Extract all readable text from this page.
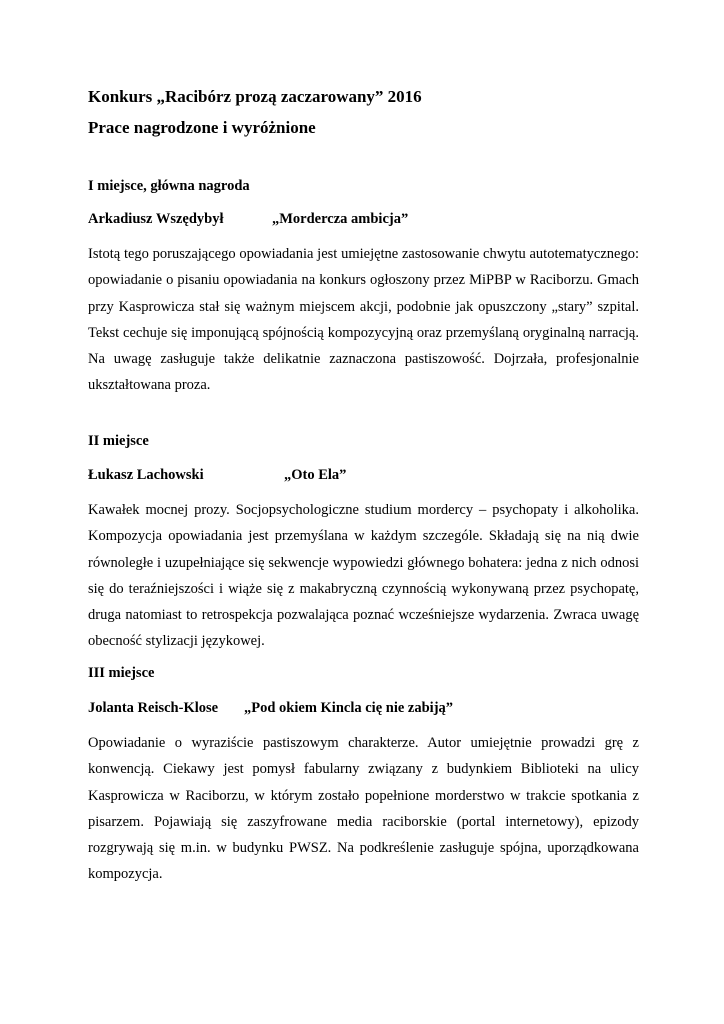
Konkurs „Racibórz prozą zaczarowany” 2016
Prace nagrodzone i wyróżnione
I miejsce, główna nagroda
Arkadiusz Wszędybył	„Mordercza ambicja”
Istotą tego poruszającego opowiadania jest umiejętne zastosowanie chwytu autotematycznego: opowiadanie o pisaniu opowiadania na konkurs ogłoszony przez MiPBP w Raciborzu. Gmach przy Kasprowicza stał się ważnym miejscem akcji, podobnie jak opuszczony „stary” szpital. Tekst cechuje się imponującą spójnością kompozycyjną oraz przemyślaną oryginalną narracją. Na uwagę zasługuje także delikatnie zaznaczona pastiszowość. Dojrzała, profesjonalnie ukształtowana proza.
II miejsce
Łukasz Lachowski	„Oto Ela”
Kawałek mocnej prozy. Socjopsychologiczne studium mordercy – psychopaty i alkoholika. Kompozycja opowiadania jest przemyślana w każdym szczególe. Składają się na nią dwie równoległe i uzupełniające się sekwencje wypowiedzi głównego bohatera: jedna z nich odnosi się do teraźniejszości i wiąże się z makabryczną czynnością wykonywaną przez psychopatę, druga natomiast to retrospekcja pozwalająca poznać wcześniejsze wydarzenia. Zwraca uwagę obecność stylizacji językowej.
III miejsce
Jolanta Reisch-Klose „Pod okiem Kincla cię nie zabiją”
Opowiadanie o wyraziście pastiszowym charakterze. Autor umiejętnie prowadzi grę z konwencją. Ciekawy jest pomysł fabularny związany z budynkiem Biblioteki na ulicy Kasprowicza w Raciborzu, w którym zostało popełnione morderstwo w trakcie spotkania z pisarzem. Pojawiają się zaszyfrowane media raciborskie (portal internetowy), epizody rozgrywają się m.in. w budynku PWSZ. Na podkreślenie zasługuje spójna, uporządkowana kompozycja.
